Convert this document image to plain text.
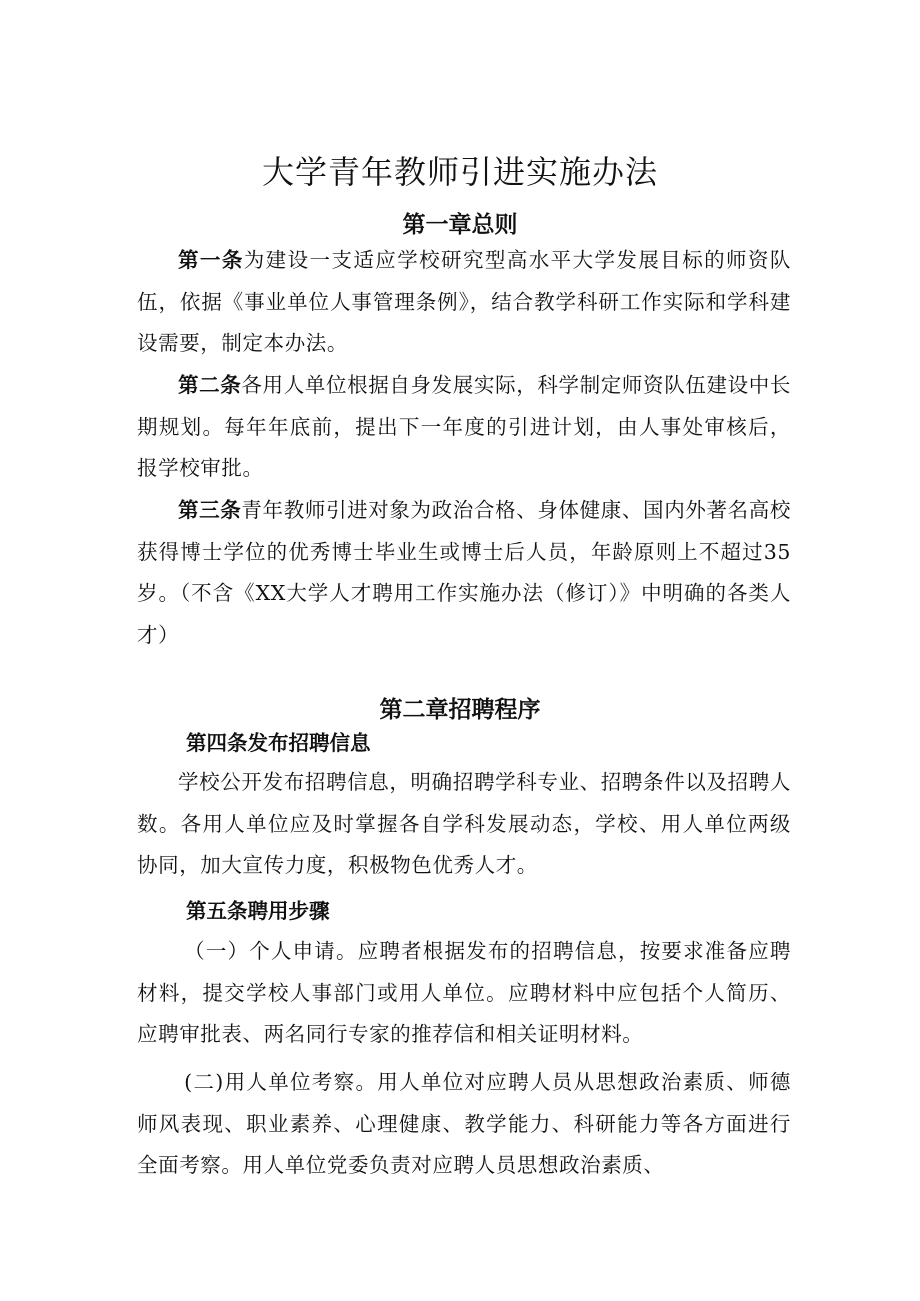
大学青年教师引进实施办法
第一章总则

第一条为建设一支适应学校研究型高水平大学发展目标的师资队伍，依据《事业单位人事管理条例》，结合教学科研工作实际和学科建设需要，制定本办法。

第二条各用人单位根据自身发展实际，科学制定师资队伍建设中长期规划。每年年底前，提出下一年度的引进计划，由人事处审核后，报学校审批。

第三条青年教师引进对象为政治合格、身体健康、国内外著名高校获得博士学位的优秀博士毕业生或博士后人员，年龄原则上不超过35岁。（不含《XX大学人才聘用工作实施办法（修订）》中明确的各类人才）

第二章招聘程序
第四条发布招聘信息

学校公开发布招聘信息，明确招聘学科专业、招聘条件以及招聘人数。各用人单位应及时掌握各自学科发展动态，学校、用人单位两级协同，加大宣传力度，积极物色优秀人才。

第五条聘用步骤

（一）个人申请。应聘者根据发布的招聘信息，按要求准备应聘材料，提交学校人事部门或用人单位。应聘材料中应包括个人简历、应聘审批表、两名同行专家的推荐信和相关证明材料。

(二)用人单位考察。用人单位对应聘人员从思想政治素质、师德师风表现、职业素养、心理健康、教学能力、科研能力等各方面进行全面考察。用人单位党委负责对应聘人员思想政治素质、
